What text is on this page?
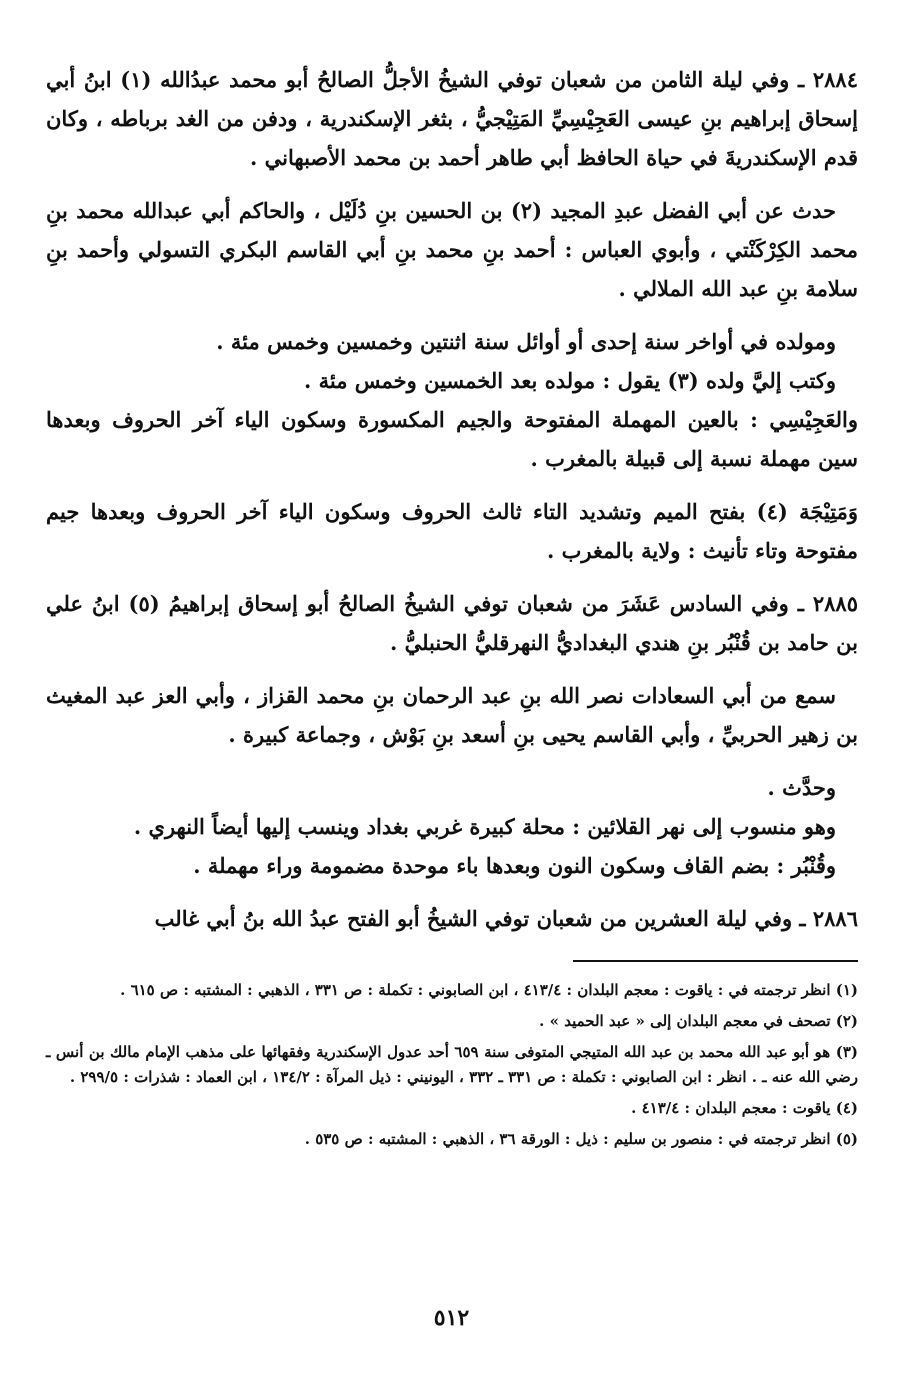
٢٨٨٤ ـ وفي ليلة الثامن من شعبان توفي الشيخُ الأجلُّ الصالحُ أبو محمد عبدُالله (١) ابنُ أبي إسحاق إبراهيم بنِ عيسى العَجِيْسِيِّ المَتِيْجيُّ ، بثغر الإسكندرية ، ودفن من الغد برباطه ، وكان قدم الإسكندريةَ في حياة الحافظ أبي طاهر أحمد بن محمد الأصبهاني .

حدث عن أبي الفضل عبدِ المجيد (٢) بن الحسين بنِ دُلَيْل ، والحاكم أبي عبدالله محمد بنِ محمد الكِرْكَنْتي ، وأبوي العباس : أحمد بنِ محمد بنِ أبي القاسم البكري التسولي وأحمد بنِ سلامة بنِ عبد الله الملالي .

ومولده في أواخر سنة إحدى أو أوائل سنة اثنتين وخمسين وخمس مئة .

وكتب إليَّ ولده (٣) يقول : مولده بعد الخمسين وخمس مئة .

والعَجِيْسِي : بالعين المهملة المفتوحة والجيم المكسورة وسكون الياء آخر الحروف وبعدها سين مهملة نسبة إلى قبيلة بالمغرب .

وَمَتِيْجَة (٤) بفتح الميم وتشديد التاء ثالث الحروف وسكون الياء آخر الحروف وبعدها جيم مفتوحة وتاء تأنيث : ولاية بالمغرب .

٢٨٨٥ ـ وفي السادس عَشَرَ من شعبان توفي الشيخُ الصالحُ أبو إسحاق إبراهيمُ (٥) ابنُ علي بن حامد بن قُنْبُر بنِ هندي البغداديُّ النهرقليُّ الحنبليُّ .

سمع من أبي السعادات نصر الله بنِ عبد الرحمان بنِ محمد القزاز ، وأبي العز عبد المغيث بن زهير الحربيِّ ، وأبي القاسم يحيى بنِ أسعد بنِ بَوْش ، وجماعة كبيرة .

وحدَّث .

وهو منسوب إلى نهر القلائين : محلة كبيرة غربي بغداد وينسب إليها أيضاً النهري .

وقُنْبُر : بضم القاف وسكون النون وبعدها باء موحدة مضمومة وراء مهملة .

٢٨٨٦ ـ وفي ليلة العشرين من شعبان توفي الشيخُ أبو الفتح عبدُ الله بنُ أبي غالب

(١) انظر ترجمته في : ياقوت : معجم البلدان : ٤١٣/٤ ، ابن الصابوني : تكملة : ص ٣٣١ ، الذهبي : المشتبه : ص ٦١٥ .

(٢) تصحف في معجم البلدان إلى « عبد الحميد » .

(٣) هو أبو عبد الله محمد بن عبد الله المتيجي المتوفى سنة ٦٥٩ أحد عدول الإسكندرية وفقهائها على مذهب الإمام مالك بن أنس ـ رضي الله عنه ـ . انظر : ابن الصابوني : تكملة : ص ٣٣١ ـ ٣٣٢ ، اليونيني : ذيل المرآة : ١٣٤/٢ ، ابن العماد : شذرات : ٢٩٩/٥ .

(٤) ياقوت : معجم البلدان : ٤١٣/٤ .

(٥) انظر ترجمته في : منصور بن سليم : ذيل : الورقة ٣٦ ، الذهبي : المشتبه : ص ٥٣٥ .

٥١٢
